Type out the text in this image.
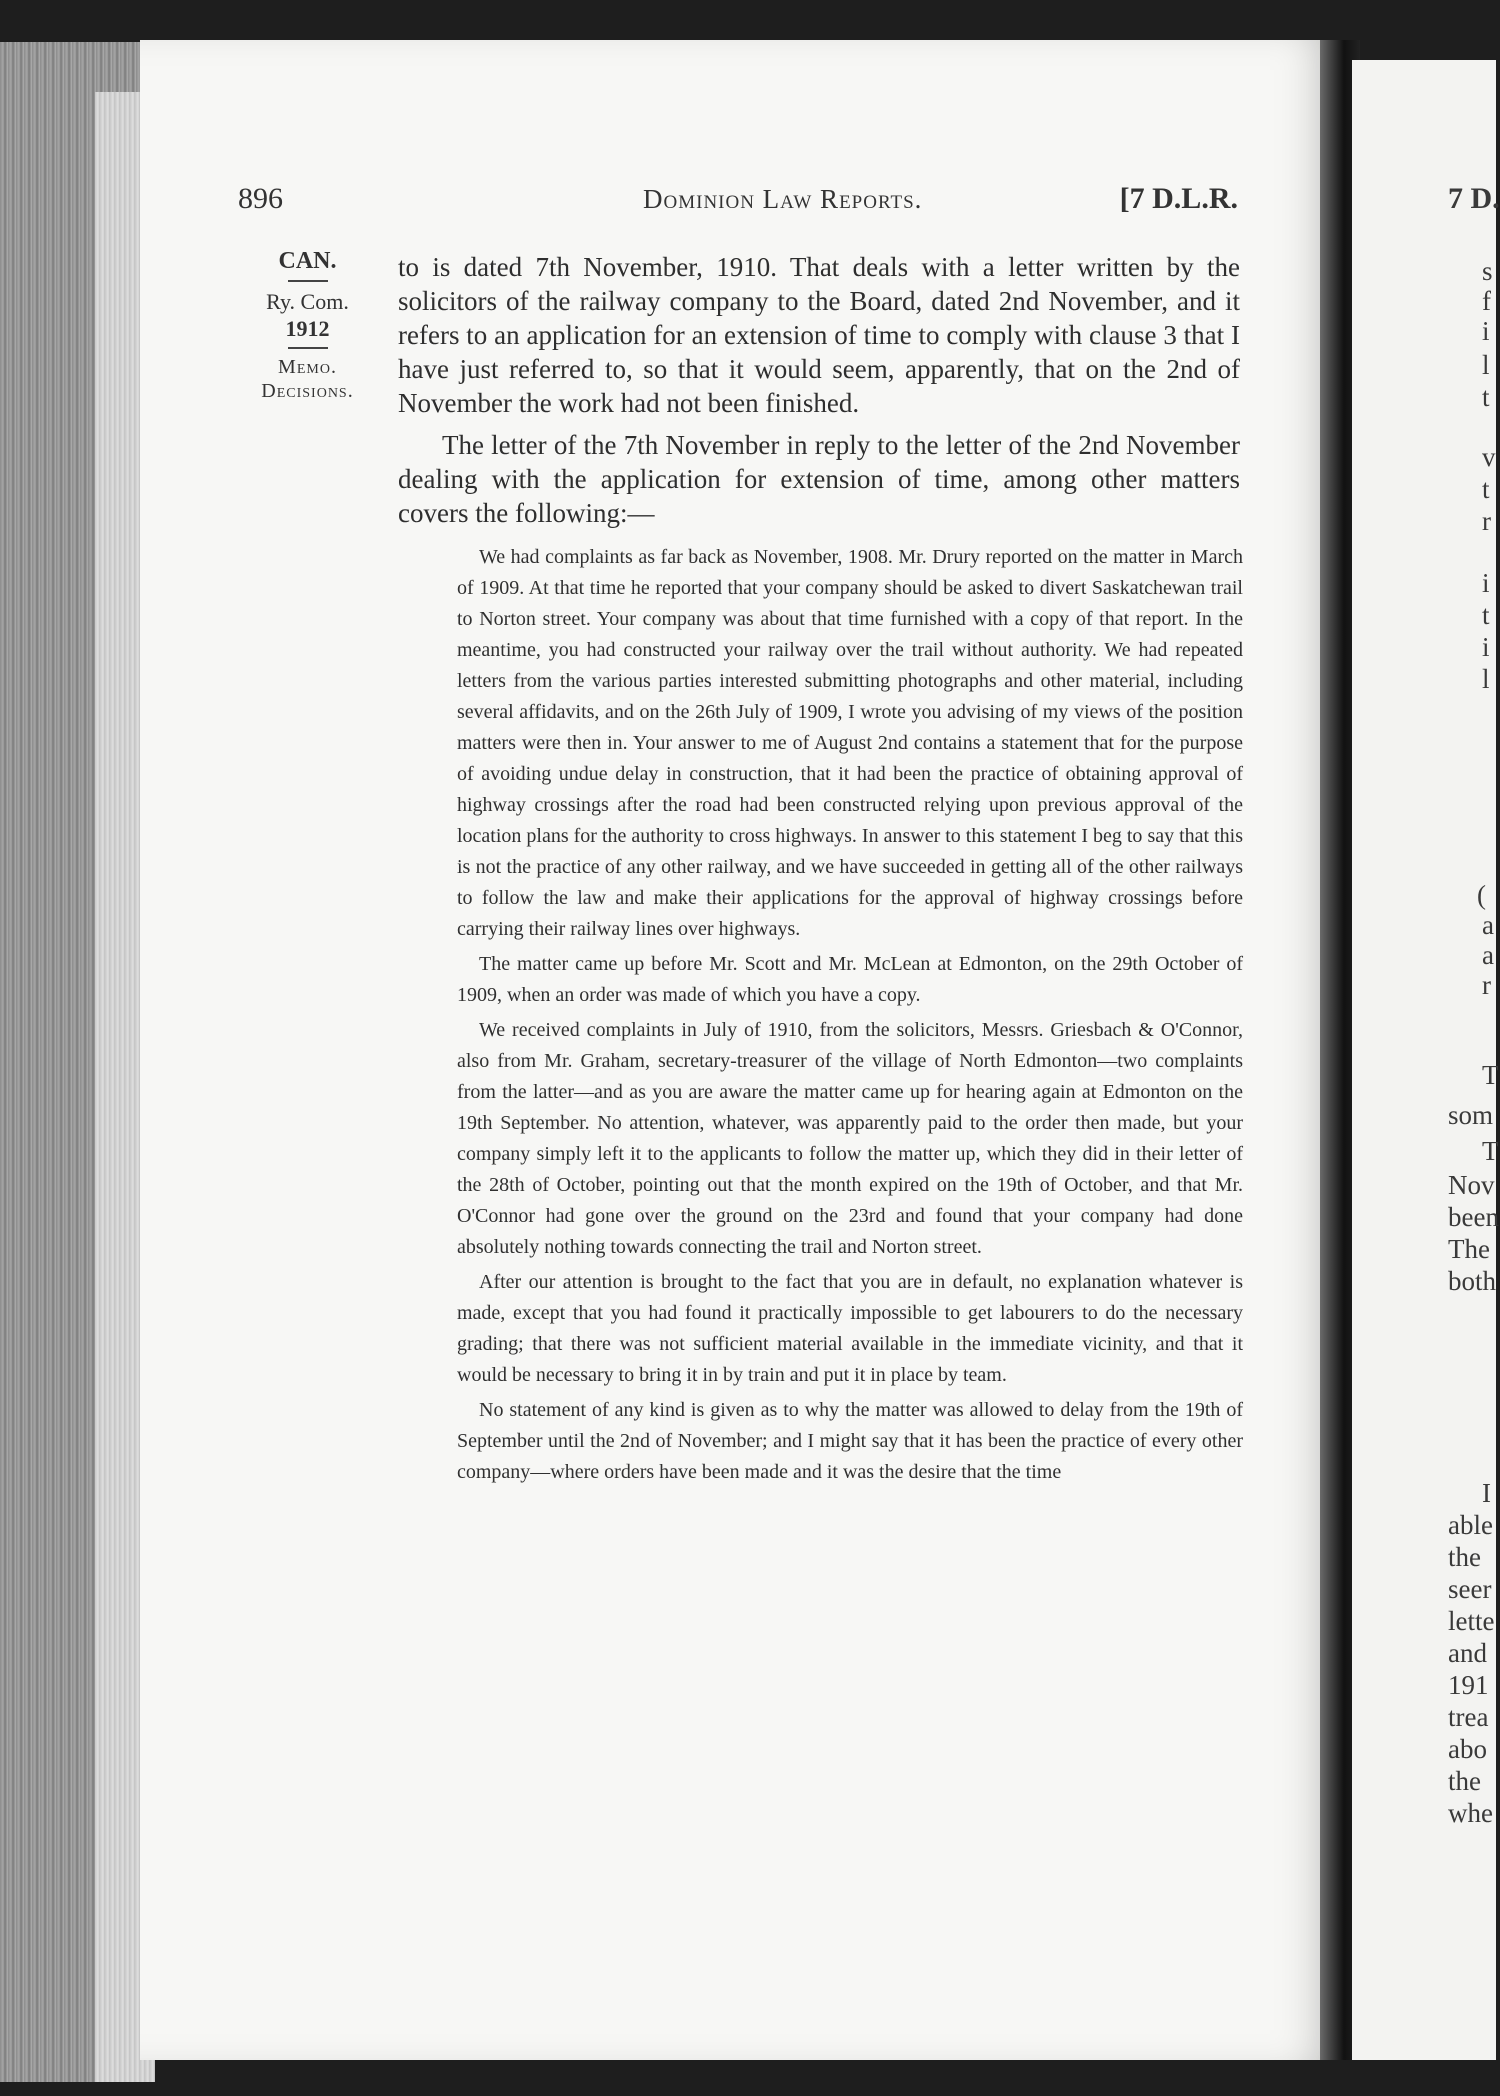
896	Dominion Law Reports.	[7 D.L.R.
CAN.
Ry. Com.
1912
Memo.
Decisions.

to is dated 7th November, 1910. That deals with a letter written by the solicitors of the railway company to the Board, dated 2nd November, and it refers to an application for an extension of time to comply with clause 3 that I have just referred to, so that it would seem, apparently, that on the 2nd of November the work had not been finished.

The letter of the 7th November in reply to the letter of the 2nd November dealing with the application for extension of time, among other matters covers the following:—

We had complaints as far back as November, 1908. Mr. Drury reported on the matter in March of 1909. At that time he reported that your company should be asked to divert Saskatchewan trail to Norton street. Your company was about that time furnished with a copy of that report. In the meantime, you had constructed your railway over the trail without authority. We had repeated letters from the various parties interested submitting photographs and other material, including several affidavits, and on the 26th July of 1909, I wrote you advising of my views of the position matters were then in. Your answer to me of August 2nd contains a statement that for the purpose of avoiding undue delay in construction, that it had been the practice of obtaining approval of highway crossings after the road had been constructed relying upon previous approval of the location plans for the authority to cross highways. In answer to this statement I beg to say that this is not the practice of any other railway, and we have succeeded in getting all of the other railways to follow the law and make their applications for the approval of highway crossings before carrying their railway lines over highways.

The matter came up before Mr. Scott and Mr. McLean at Edmonton, on the 29th October of 1909, when an order was made of which you have a copy.

We received complaints in July of 1910, from the solicitors, Messrs. Griesbach & O'Connor, also from Mr. Graham, secretary-treasurer of the village of North Edmonton—two complaints from the latter—and as you are aware the matter came up for hearing again at Edmonton on the 19th September. No attention, whatever, was apparently paid to the order then made, but your company simply left it to the applicants to follow the matter up, which they did in their letter of the 28th of October, pointing out that the month expired on the 19th of October, and that Mr. O'Connor had gone over the ground on the 23rd and found that your company had done absolutely nothing towards connecting the trail and Norton street.

After our attention is brought to the fact that you are in default, no explanation whatever is made, except that you had found it practically impossible to get labourers to do the necessary grading; that there was not sufficient material available in the immediate vicinity, and that it would be necessary to bring it in by train and put it in place by team.

No statement of any kind is given as to why the matter was allowed to delay from the 19th of September until the 2nd of November; and I might say that it has been the practice of every other company—where orders have been made and it was the desire that the time

7 D.
s
f
i
l
t
v
t
r
i
t
i
l
(
a
a
r
T
som
T
Nov
been
The
both
I
able
the
seer
lette
and
191
trea
abo
the
whe
